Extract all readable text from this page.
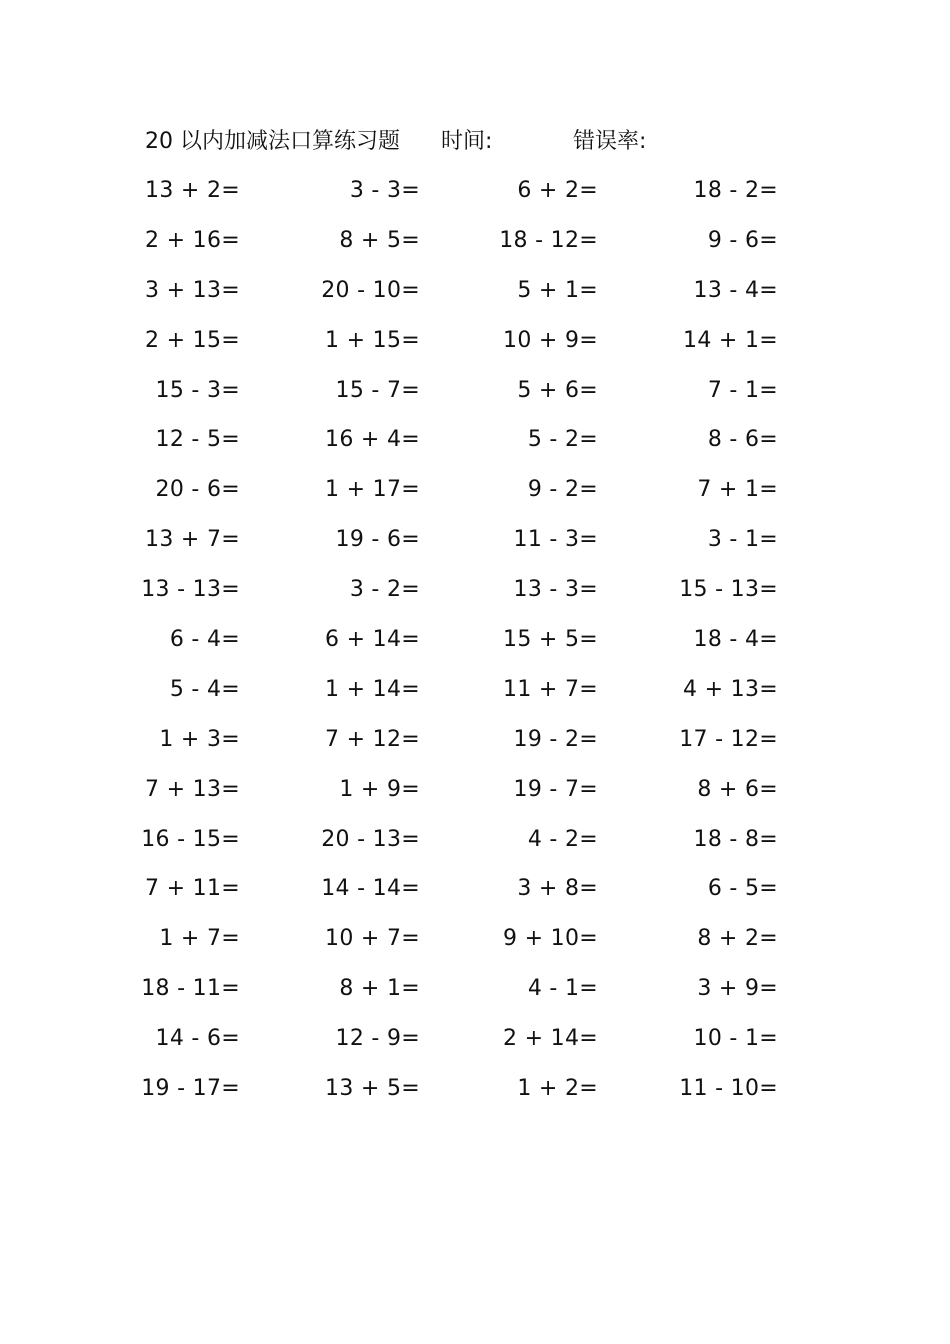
20 以内加减法口算练习题 时间:	错误率:
13 + 2=	3 - 3=	6 + 2=	18 - 2=
2 + 16=	8 + 5=	18 - 12=	9 - 6=
3 + 13=	20 - 10=	5 + 1=	13 - 4=
2 + 15=	1 + 15=	10 + 9=	14 + 1=
15 - 3=	15 - 7=	5 + 6=	7 - 1=
12 - 5=	16 + 4=	5 - 2=	8 - 6=
20 - 6=	1 + 17=	9 - 2=	7 + 1=
13 + 7=	19 - 6=	11 - 3=	3 - 1=
13 - 13=	3 - 2=	13 - 3=	15 - 13=
6 - 4=	6 + 14=	15 + 5=	18 - 4=
5 - 4=	1 + 14=	11 + 7=	4 + 13=
1 + 3=	7 + 12=	19 - 2=	17 - 12=
7 + 13=	1 + 9=	19 - 7=	8 + 6=
16 - 15=	20 - 13=	4 - 2=	18 - 8=
7 + 11=	14 - 14=	3 + 8=	6 - 5=
1 + 7=	10 + 7=	9 + 10=	8 + 2=
18 - 11=	8 + 1=	4 - 1=	3 + 9=
14 - 6=	12 - 9=	2 + 14=	10 - 1=
19 - 17=	13 + 5=	1 + 2=	11 - 10=
